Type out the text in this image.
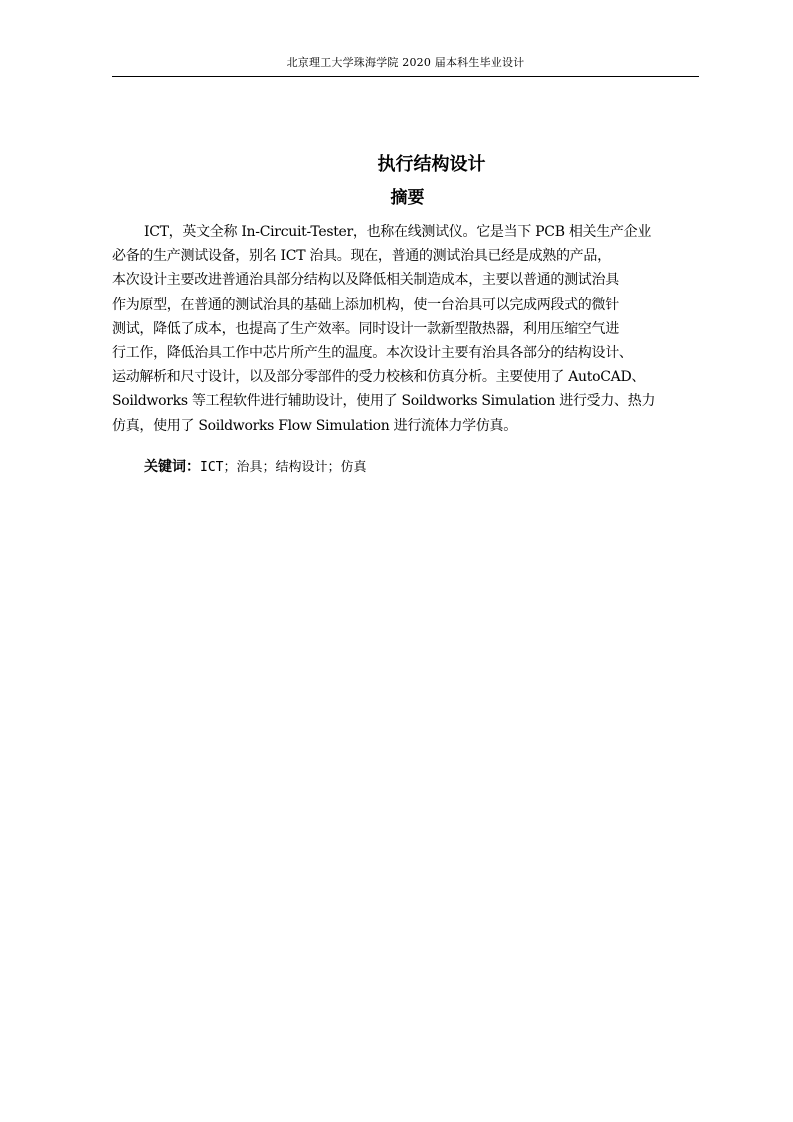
北京理工大学珠海学院 2020 届本科生毕业设计
执行结构设计
摘要
ICT，英文全称 In-Circuit-Tester，也称在线测试仪。它是当下 PCB 相关生产企业
必备的生产测试设备，别名 ICT 治具。现在，普通的测试治具已经是成熟的产品，
本次设计主要改进普通治具部分结构以及降低相关制造成本，主要以普通的测试治具
作为原型，在普通的测试治具的基础上添加机构，使一台治具可以完成两段式的微针
测试，降低了成本，也提高了生产效率。同时设计一款新型散热器，利用压缩空气进
行工作，降低治具工作中芯片所产生的温度。本次设计主要有治具各部分的结构设计、
运动解析和尺寸设计，以及部分零部件的受力校核和仿真分析。主要使用了 AutoCAD、
Soildworks 等工程软件进行辅助设计，使用了 Soildworks Simulation 进行受力、热力
仿真，使用了 Soildworks Flow Simulation 进行流体力学仿真。
关键词：ICT；治具；结构设计；仿真
